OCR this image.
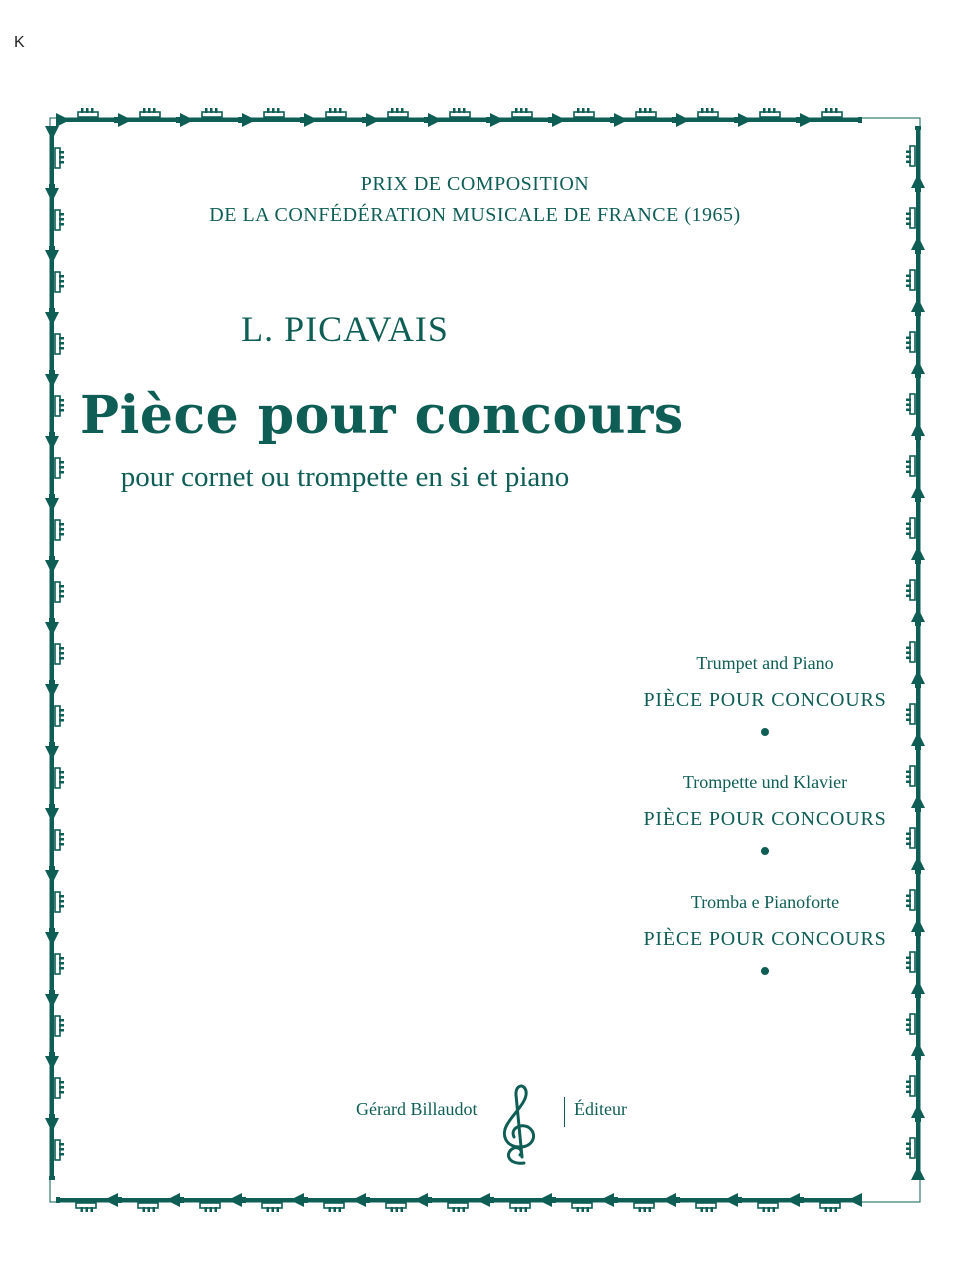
K
PRIX DE COMPOSITION
DE LA CONFÉDÉRATION MUSICALE DE FRANCE (1965)
L. PICAVAIS
Pièce pour concours
pour cornet ou trompette en si et piano
Trumpet and Piano
PIÈCE POUR CONCOURS
Trompette und Klavier
PIÈCE POUR CONCOURS
Tromba e Pianoforte
PIÈCE POUR CONCOURS
Gérard Billaudot	Éditeur
